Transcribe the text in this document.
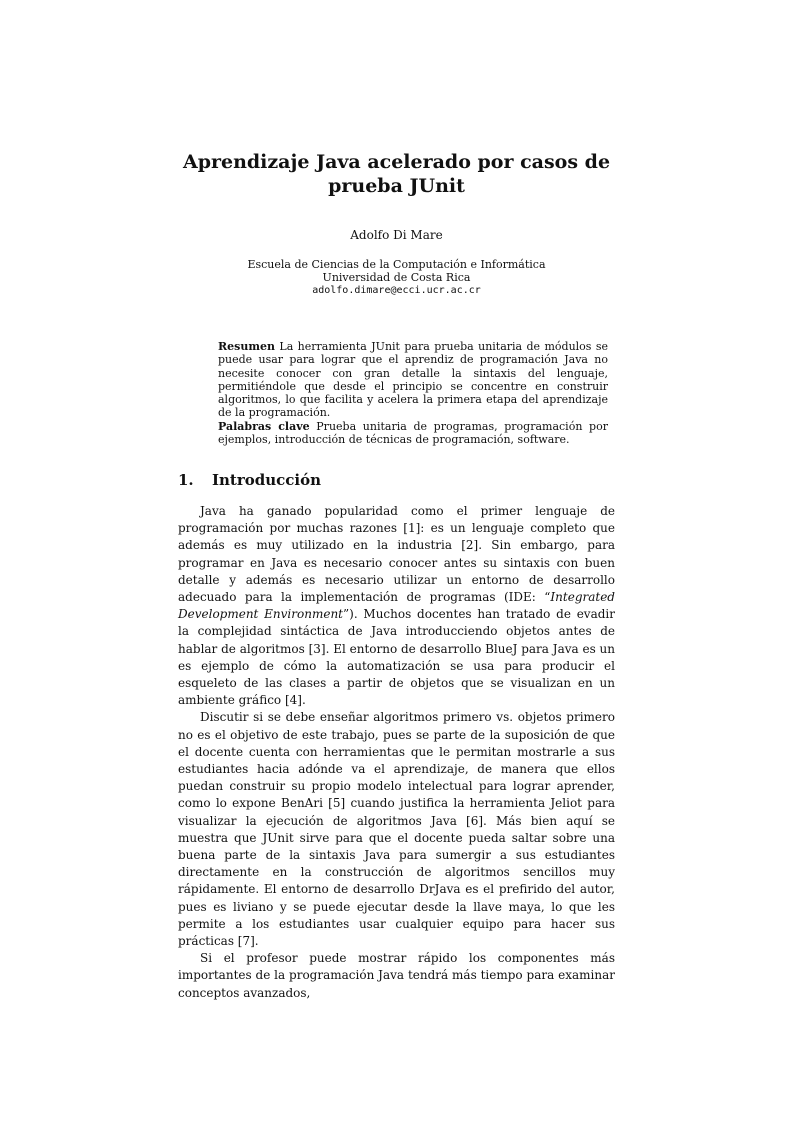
Aprendizaje Java acelerado por casos de prueba JUnit
Adolfo Di Mare
Escuela de Ciencias de la Computación e Informática
Universidad de Costa Rica
adolfo.dimare@ecci.ucr.ac.cr
Resumen La herramienta JUnit para prueba unitaria de módulos se puede usar para lograr que el aprendiz de programación Java no necesite conocer con gran detalle la sintaxis del lenguaje, permitiéndole que desde el principio se concentre en construir algoritmos, lo que facilita y acelera la primera etapa del aprendizaje de la programación.
Palabras clave Prueba unitaria de programas, programación por ejemplos, introducción de técnicas de programación, software.
1. Introducción

Java ha ganado popularidad como el primer lenguaje de programación por muchas razones [1]: es un lenguaje completo que además es muy utilizado en la industria [2]. Sin embargo, para programar en Java es necesario conocer antes su sintaxis con buen detalle y además es necesario utilizar un entorno de desarrollo adecuado para la implementación de programas (IDE: “Integrated Development Environment”). Muchos docentes han tratado de evadir la complejidad sintáctica de Java introducciendo objetos antes de hablar de algoritmos [3]. El entorno de desarrollo BlueJ para Java es un es ejemplo de cómo la automatización se usa para producir el esqueleto de las clases a partir de objetos que se visualizan en un ambiente gráfico [4].

Discutir si se debe enseñar algoritmos primero vs. objetos primero no es el objetivo de este trabajo, pues se parte de la suposición de que el docente cuenta con herramientas que le permitan mostrarle a sus estudiantes hacia adónde va el aprendizaje, de manera que ellos puedan construir su propio modelo intelectual para lograr aprender, como lo expone BenAri [5] cuando justifica la herramienta Jeliot para visualizar la ejecución de algoritmos Java [6]. Más bien aquí se muestra que JUnit sirve para que el docente pueda saltar sobre una buena parte de la sintaxis Java para sumergir a sus estudiantes directamente en la construcción de algoritmos sencillos muy rápidamente. El entorno de desarrollo DrJava es el prefirido del autor, pues es liviano y se puede ejecutar desde la llave maya, lo que les permite a los estudiantes usar cualquier equipo para hacer sus prácticas [7].

Si el profesor puede mostrar rápido los componentes más importantes de la programación Java tendrá más tiempo para examinar conceptos avanzados,
